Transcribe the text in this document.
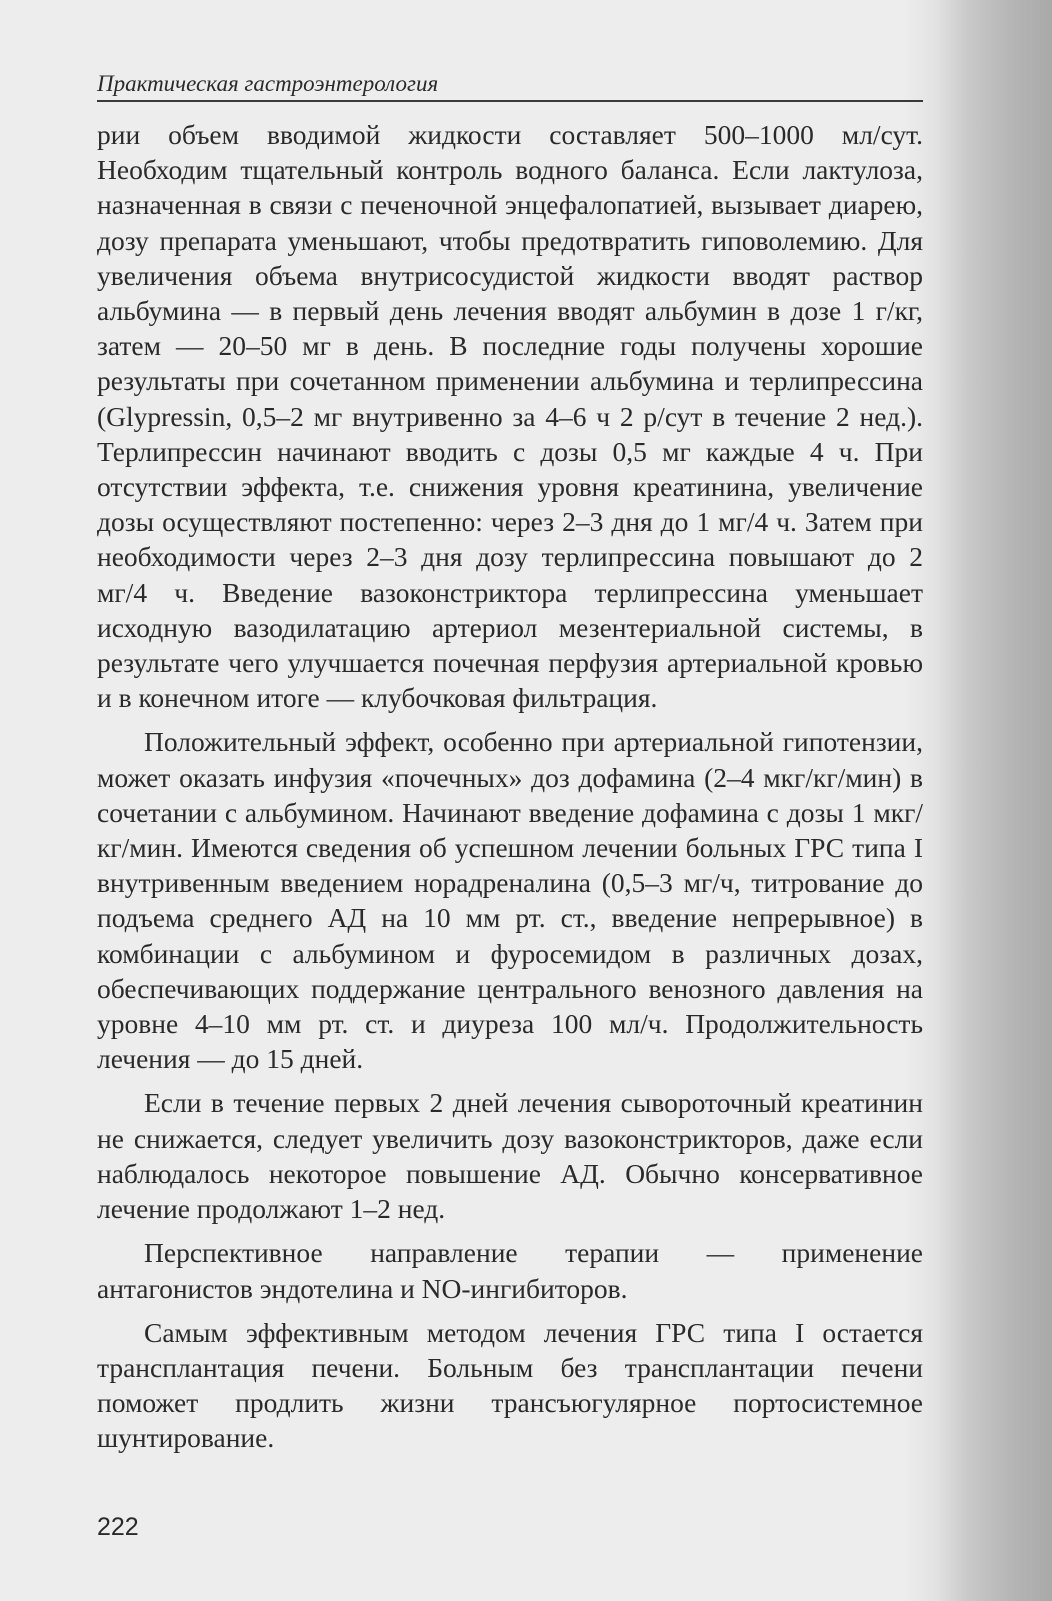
Практическая гастроэнтерология

рии объем вводимой жидкости составляет 500–1000 мл/сут. Необходим тщательный контроль водного баланса. Если лактулоза, назначенная в связи с печеночной энцефалопатией, вызывает диарею, дозу препарата уменьшают, чтобы предотвратить гиповолемию. Для увеличения объема внутрисосудистой жидкости вводят раствор альбумина — в первый день лечения вводят альбумин в дозе 1 г/кг, затем — 20–50 мг в день. В последние годы получены хорошие результаты при сочетанном применении альбумина и терлипрессина (Glypressin, 0,5–2 мг внутривенно за 4–6 ч 2 р/сут в течение 2 нед.). Терлипрессин начинают вводить с дозы 0,5 мг каждые 4 ч. При отсутствии эффекта, т.е. снижения уровня креатинина, увеличение дозы осуществляют постепенно: через 2–3 дня до 1 мг/4 ч. Затем при необходимости через 2–3 дня дозу терлипрессина повышают до 2 мг/4 ч. Введение вазоконстриктора терлипрессина уменьшает исходную вазодилатацию артериол мезентериальной системы, в результате чего улучшается почечная перфузия артериальной кровью и в конечном итоге — клубочковая фильтрация.

Положительный эффект, особенно при артериальной гипотензии, может оказать инфузия «почечных» доз дофамина (2–4 мкг/кг/мин) в сочетании с альбумином. Начинают введение дофамина с дозы 1 мкг/кг/мин. Имеются сведения об успешном лечении больных ГРС типа I внутривенным введением норадреналина (0,5–3 мг/ч, титрование до подъема среднего АД на 10 мм рт. ст., введение непрерывное) в комбинации с альбумином и фуросемидом в различных дозах, обеспечивающих поддержание центрального венозного давления на уровне 4–10 мм рт. ст. и диуреза 100 мл/ч. Продолжительность лечения — до 15 дней.

Если в течение первых 2 дней лечения сывороточный креатинин не снижается, следует увеличить дозу вазоконстрикторов, даже если наблюдалось некоторое повышение АД. Обычно консервативное лечение продолжают 1–2 нед.

Перспективное направление терапии — применение антагонистов эндотелина и NO-ингибиторов.

Самым эффективным методом лечения ГРС типа I остается трансплантация печени. Больным без трансплантации печени поможет продлить жизни трансъюгулярное портосистемное шунтирование.

222
